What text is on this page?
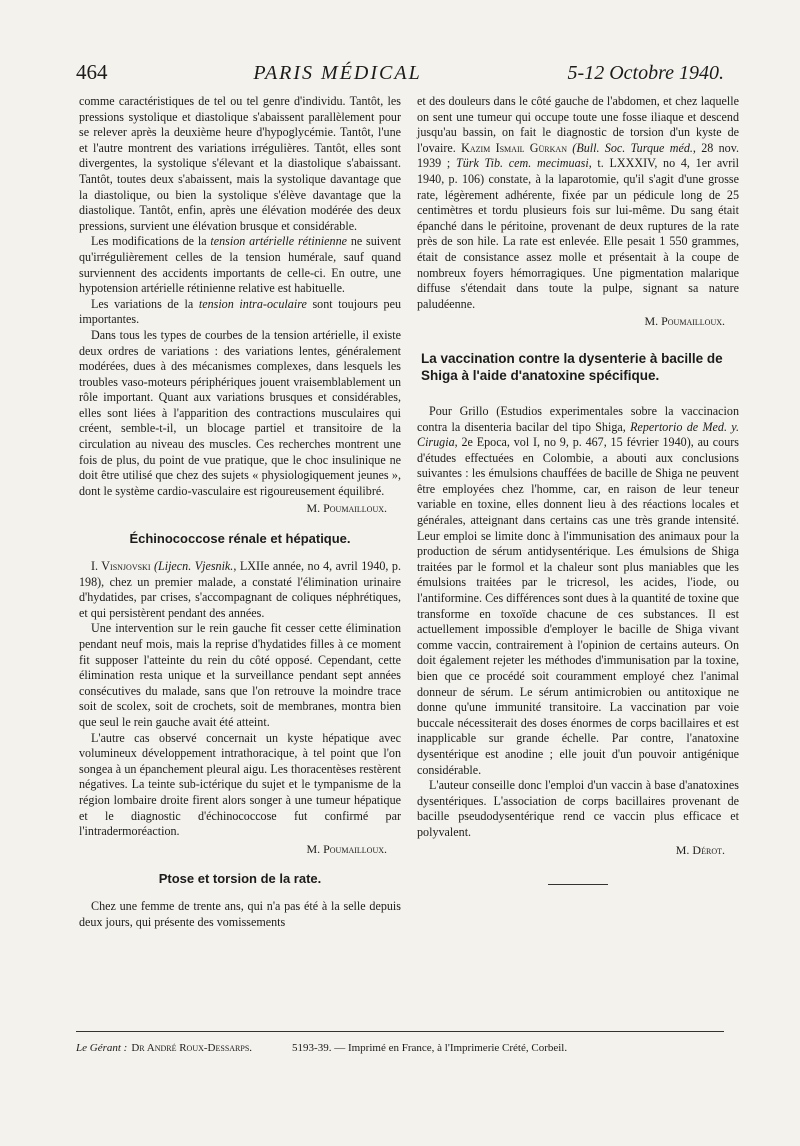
464	PARIS MÉDICAL	5-12 Octobre 1940.

comme caractéristiques de tel ou tel genre d'individu. Tantôt, les pressions systolique et diastolique s'abaissent parallèlement pour se relever après la deuxième heure d'hypoglycémie. Tantôt, l'une et l'autre montrent des variations irrégulières. Tantôt, elles sont divergentes, la systolique s'élevant et la diastolique s'abaissant. Tantôt, toutes deux s'abaissent, mais la systolique davantage que la diastolique, ou bien la systolique s'élève davantage que la diastolique. Tantôt, enfin, après une élévation modérée des deux pressions, survient une élévation brusque et considérable.

Les modifications de la tension artérielle rétinienne ne suivent qu'irrégulièrement celles de la tension humérale, sauf quand surviennent des accidents importants de celle-ci. En outre, une hypotension artérielle rétinienne relative est habituelle.

Les variations de la tension intra-oculaire sont toujours peu importantes.

Dans tous les types de courbes de la tension artérielle, il existe deux ordres de variations : des variations lentes, généralement modérées, dues à des mécanismes complexes, dans lesquels les troubles vaso-moteurs périphériques jouent vraisemblablement un rôle important. Quant aux variations brusques et considérables, elles sont liées à l'apparition des contractions musculaires qui créent, semble-t-il, un blocage partiel et transitoire de la circulation au niveau des muscles. Ces recherches montrent une fois de plus, du point de vue pratique, que le choc insulinique ne doit être utilisé que chez des sujets « physiologiquement jeunes », dont le système cardio-vasculaire est rigoureusement équilibré.

M. Poumailloux.
Échinococcose rénale et hépatique.

I. Visnjovski (Lijecn. Vjesnik., LXIIe année, no 4, avril 1940, p. 198), chez un premier malade, a constaté l'élimination urinaire d'hydatides, par crises, s'accompagnant de coliques néphrétiques, et qui persistèrent pendant des années.

Une intervention sur le rein gauche fit cesser cette élimination pendant neuf mois, mais la reprise d'hydatides filles à ce moment fit supposer l'atteinte du rein du côté opposé. Cependant, cette élimination resta unique et la surveillance pendant sept années consécutives du malade, sans que l'on retrouve la moindre trace soit de scolex, soit de crochets, soit de membranes, montra bien que seul le rein gauche avait été atteint.

L'autre cas observé concernait un kyste hépatique avec volumineux développement intrathoracique, à tel point que l'on songea à un épanchement pleural aigu. Les thoracentèses restèrent négatives. La teinte sub-ictérique du sujet et le tympanisme de la région lombaire droite firent alors songer à une tumeur hépatique et le diagnostic d'échinococcose fut confirmé par l'intradermoréaction.

M. Poumailloux.
Ptose et torsion de la rate.

Chez une femme de trente ans, qui n'a pas été à la selle depuis deux jours, qui présente des vomissements

et des douleurs dans le côté gauche de l'abdomen, et chez laquelle on sent une tumeur qui occupe toute une fosse iliaque et descend jusqu'au bassin, on fait le diagnostic de torsion d'un kyste de l'ovaire. Kazim Ismail Gürkan (Bull. Soc. Turque méd., 28 nov. 1939 ; Türk Tib. cem. mecimuasi, t. LXXXIV, no 4, 1er avril 1940, p. 106) constate, à la laparotomie, qu'il s'agit d'une grosse rate, légèrement adhérente, fixée par un pédicule long de 25 centimètres et tordu plusieurs fois sur lui-même. Du sang était épanché dans le péritoine, provenant de deux ruptures de la rate près de son hile. La rate est enlevée. Elle pesait 1 550 grammes, était de consistance assez molle et présentait à la coupe de nombreux foyers hémorragiques. Une pigmentation malarique diffuse s'étendait dans toute la pulpe, signant sa nature paludéenne.

M. Poumailloux.
La vaccination contre la dysenterie à bacille de Shiga à l'aide d'anatoxine spécifique.

Pour Grillo (Estudios experimentales sobre la vaccinacion contra la disenteria bacilar del tipo Shiga, Repertorio de Med. y. Cirugia, 2e Epoca, vol I, no 9, p. 467, 15 février 1940), au cours d'études effectuées en Colombie, a abouti aux conclusions suivantes : les émulsions chauffées de bacille de Shiga ne peuvent être employées chez l'homme, car, en raison de leur teneur variable en toxine, elles donnent lieu à des réactions locales et générales, atteignant dans certains cas une très grande intensité. Leur emploi se limite donc à l'immunisation des animaux pour la production de sérum antidysentérique. Les émulsions de Shiga traitées par le formol et la chaleur sont plus maniables que les émulsions traitées par le tricresol, les acides, l'iode, ou l'antiformine. Ces différences sont dues à la quantité de toxine que transforme en toxoïde chacune de ces substances. Il est actuellement impossible d'employer le bacille de Shiga vivant comme vaccin, contrairement à l'opinion de certains auteurs. On doit également rejeter les méthodes d'immunisation par la toxine, bien que ce procédé soit couramment employé chez l'animal donneur de sérum. Le sérum antimicrobien ou antitoxique ne donne qu'une immunité transitoire. La vaccination par voie buccale nécessiterait des doses énormes de corps bacillaires et est inapplicable sur grande échelle. Par contre, l'anatoxine dysentérique est anodine ; elle jouit d'un pouvoir antigénique considérable.

L'auteur conseille donc l'emploi d'un vaccin à base d'anatoxines dysentériques. L'association de corps bacillaires provenant de bacille pseudodysentérique rend ce vaccin plus efficace et polyvalent.

M. Dérot.
Le Gérant : Dr André Roux-Dessarps.	5193-39. — Imprimé en France, à l'Imprimerie Crété, Corbeil.
